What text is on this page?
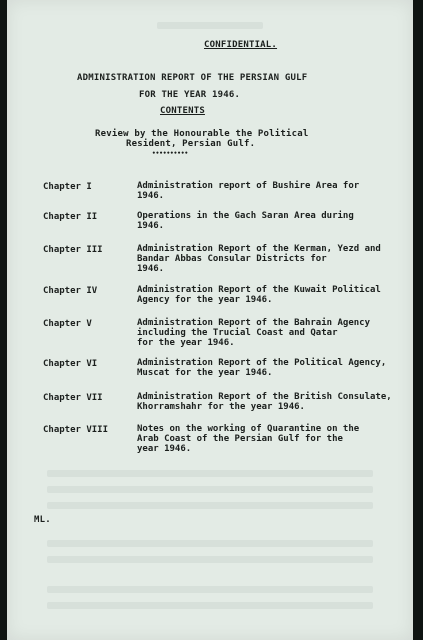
CONFIDENTIAL.
ADMINISTRATION REPORT OF THE PERSIAN GULF
FOR THE YEAR 1946.
CONTENTS
Review by the Honourable the Political
Resident, Persian Gulf.
••••••••••
Chapter I	Administration report of Bushire Area for
1946.
Chapter II	Operations in the Gach Saran Area during
1946.
Chapter III	Administration Report of the Kerman, Yezd and
Bandar Abbas Consular Districts for
1946.
Chapter IV	Administration Report of the Kuwait Political
Agency for the year 1946.
Chapter V	Administration Report of the Bahrain Agency
including the Trucial Coast and Qatar
for the year 1946.
Chapter VI	Administration Report of the Political Agency,
Muscat for the year 1946.
Chapter VII	Administration Report of the British Consulate,
Khorramshahr for the year 1946.
Chapter VIII	Notes on the working of Quarantine on the
Arab Coast of the Persian Gulf for the
year 1946.
ML.
